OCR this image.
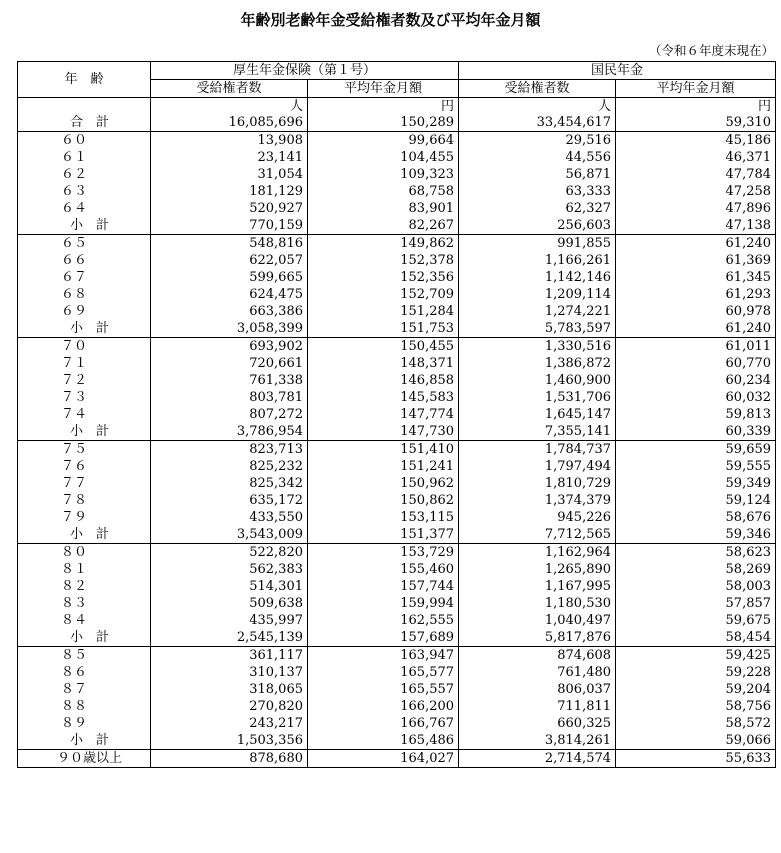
年齢別老齢年金受給権者数及び平均年金月額
（令和６年度末現在）
年　齢	厚生年金保険（第１号）		国民年金	
	受給権者数	平均年金月額	受給権者数	平均年金月額
	人	円	人	円
合　計	16,085,696	150,289	33,454,617	59,310
６０	13,908	99,664	29,516	45,186
６１	23,141	104,455	44,556	46,371
６２	31,054	109,323	56,871	47,784
６３	181,129	68,758	63,333	47,258
６４	520,927	83,901	62,327	47,896
小　計	770,159	82,267	256,603	47,138
６５	548,816	149,862	991,855	61,240
６６	622,057	152,378	1,166,261	61,369
６７	599,665	152,356	1,142,146	61,345
６８	624,475	152,709	1,209,114	61,293
６９	663,386	151,284	1,274,221	60,978
小　計	3,058,399	151,753	5,783,597	61,240
７０	693,902	150,455	1,330,516	61,011
７１	720,661	148,371	1,386,872	60,770
７２	761,338	146,858	1,460,900	60,234
７３	803,781	145,583	1,531,706	60,032
７４	807,272	147,774	1,645,147	59,813
小　計	3,786,954	147,730	7,355,141	60,339
７５	823,713	151,410	1,784,737	59,659
７６	825,232	151,241	1,797,494	59,555
７７	825,342	150,962	1,810,729	59,349
７８	635,172	150,862	1,374,379	59,124
７９	433,550	153,115	945,226	58,676
小　計	3,543,009	151,377	7,712,565	59,346
８０	522,820	153,729	1,162,964	58,623
８１	562,383	155,460	1,265,890	58,269
８２	514,301	157,744	1,167,995	58,003
８３	509,638	159,994	1,180,530	57,857
８４	435,997	162,555	1,040,497	59,675
小　計	2,545,139	157,689	5,817,876	58,454
８５	361,117	163,947	874,608	59,425
８６	310,137	165,577	761,480	59,228
８７	318,065	165,557	806,037	59,204
８８	270,820	166,200	711,811	58,756
８９	243,217	166,767	660,325	58,572
小　計	1,503,356	165,486	3,814,261	59,066
９０歳以上	878,680	164,027	2,714,574	55,633
